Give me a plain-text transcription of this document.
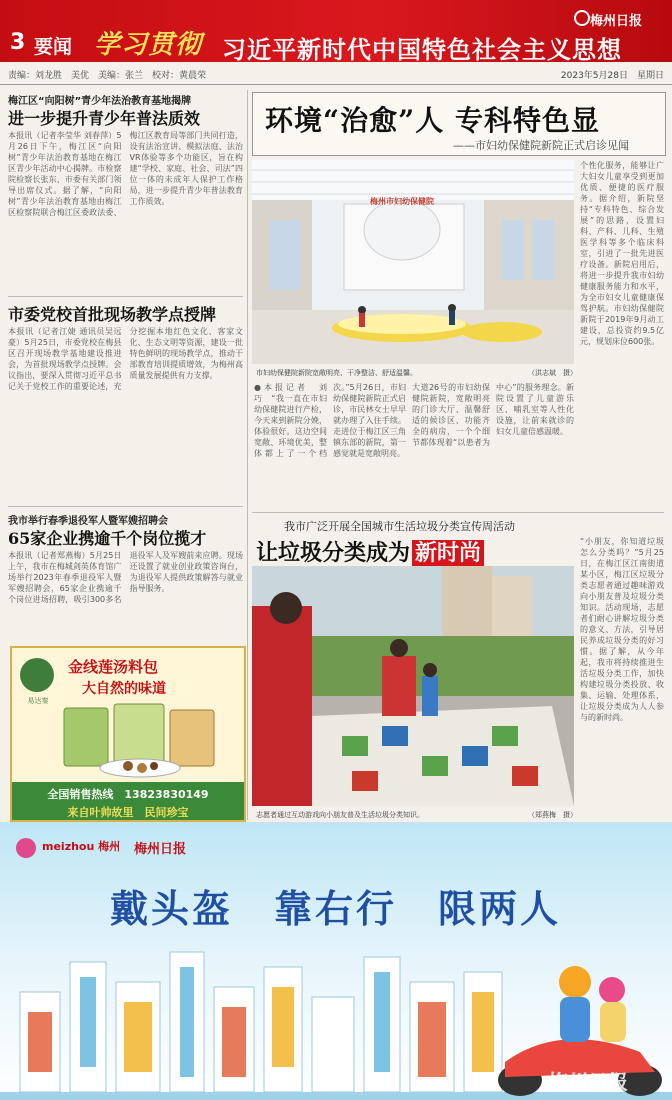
梅州日报
3 要闻 学习贯彻 习近平新时代中国特色社会主义思想
责编：刘龙胜　美优　美编：张兰　校对：黄晨荣	2023年5月28日　星期日
梅江区“向阳树”青少年法治教育基地揭牌
进一步提升青少年普法质效
本报讯（记者李莹华 刘春萍）5月26日下午，梅江区“向阳树”青少年法治教育基地在梅江区青少年活动中心揭牌。市检察院检察长张东、市委有关部门领导出席仪式。据了解，“向阳树”青少年法治教育基地由梅江区检察院联合梅江区委政法委、梅江区教育局等部门共同打造，设有法治宣讲、模拟法庭、法治VR体验等多个功能区，旨在构建“学校、家庭、社会、司法”四位一体的未成年人保护工作格局，进一步提升青少年普法教育工作质效。
市委党校首批现场教学点授牌
本报讯（记者江婕 通讯员吴远豪）5月25日，市委党校在梅县区召开现场教学基地建设推进会，为首批现场教学点授牌。会议指出，要深入贯彻习近平总书记关于党校工作的重要论述，充分挖掘本地红色文化、客家文化、生态文明等资源，建设一批特色鲜明的现场教学点，推动干部教育培训提质增效，为梅州高质量发展提供有力支撑。
我市举行春季退役军人暨军嫂招聘会
65家企业携逾千个岗位揽才
本报讯（记者郑燕梅）5月25日上午，我市在梅城剑英体育馆广场举行2023年春季退役军人暨军嫂招聘会，65家企业携逾千个岗位进场招聘，吸引300多名退役军人及军嫂前来应聘。现场还设置了就业创业政策咨询台，为退役军人提供政策解答与就业指导服务。
易达秦
金线莲汤料包
大自然的味道
全国销售热线　13823830149
来自叶帅故里　民间珍宝
环境“治愈”人 专科特色显
——市妇幼保健院新院正式启诊见闻
梅州市妇幼保健院
市妇幼保健院新院宽敞明亮、干净整洁、舒适温馨。	（洪志斌　摄）
个性化服务，能够让广大妇女儿童享受到更加优质、便捷的医疗服务。据介绍，新院坚持“专科特色、综合发展”的思路，设置妇科、产科、儿科、生殖医学科等多个临床科室，引进了一批先进医疗设备。新院启用后，将进一步提升我市妇幼健康服务能力和水平，为全市妇女儿童健康保驾护航。市妇幼保健院新院于2019年9月动工建设，总投资约9.5亿元，规划床位600张。
●本报记者　刘巧　“我一直在市妇幼保健院进行产检，今天来到新院分娩，体验很好。这边空间宽敞、环境优美，整体都上了一个档次。”5月26日，市妇幼保健院新院正式启诊，市民林女士早早就办理了入住手续。走进位于梅江区三角镇东部的新院，第一感觉就是宽敞明亮。
大道26号的市妇幼保健院新院，宽敞明亮的门诊大厅、温馨舒适的候诊区、功能齐全的病房，一个个细节都体现着“以患者为中心”的服务理念。新院设置了儿童游乐区、哺乳室等人性化设施，让前来就诊的妇女儿童倍感温暖。
我市广泛开展全国城市生活垃圾分类宣传周活动
让垃圾分类成为 新时尚
志愿者通过互动游戏向小朋友普及生活垃圾分类知识。	（郑燕梅　摄）
“小朋友，你知道垃圾怎么分类吗？”5月25日，在梅江区江南街道某小区，梅江区垃圾分类志愿者通过趣味游戏向小朋友普及垃圾分类知识。活动现场，志愿者们耐心讲解垃圾分类的意义、方法，引导居民养成垃圾分类的好习惯。据了解，从今年起，我市将持续推进生活垃圾分类工作，加快构建垃圾分类投放、收集、运输、处理体系，让垃圾分类成为人人参与的新时尚。
meizhou 梅州 梅州日报
戴头盔　靠右行　限两人
梅州日报
